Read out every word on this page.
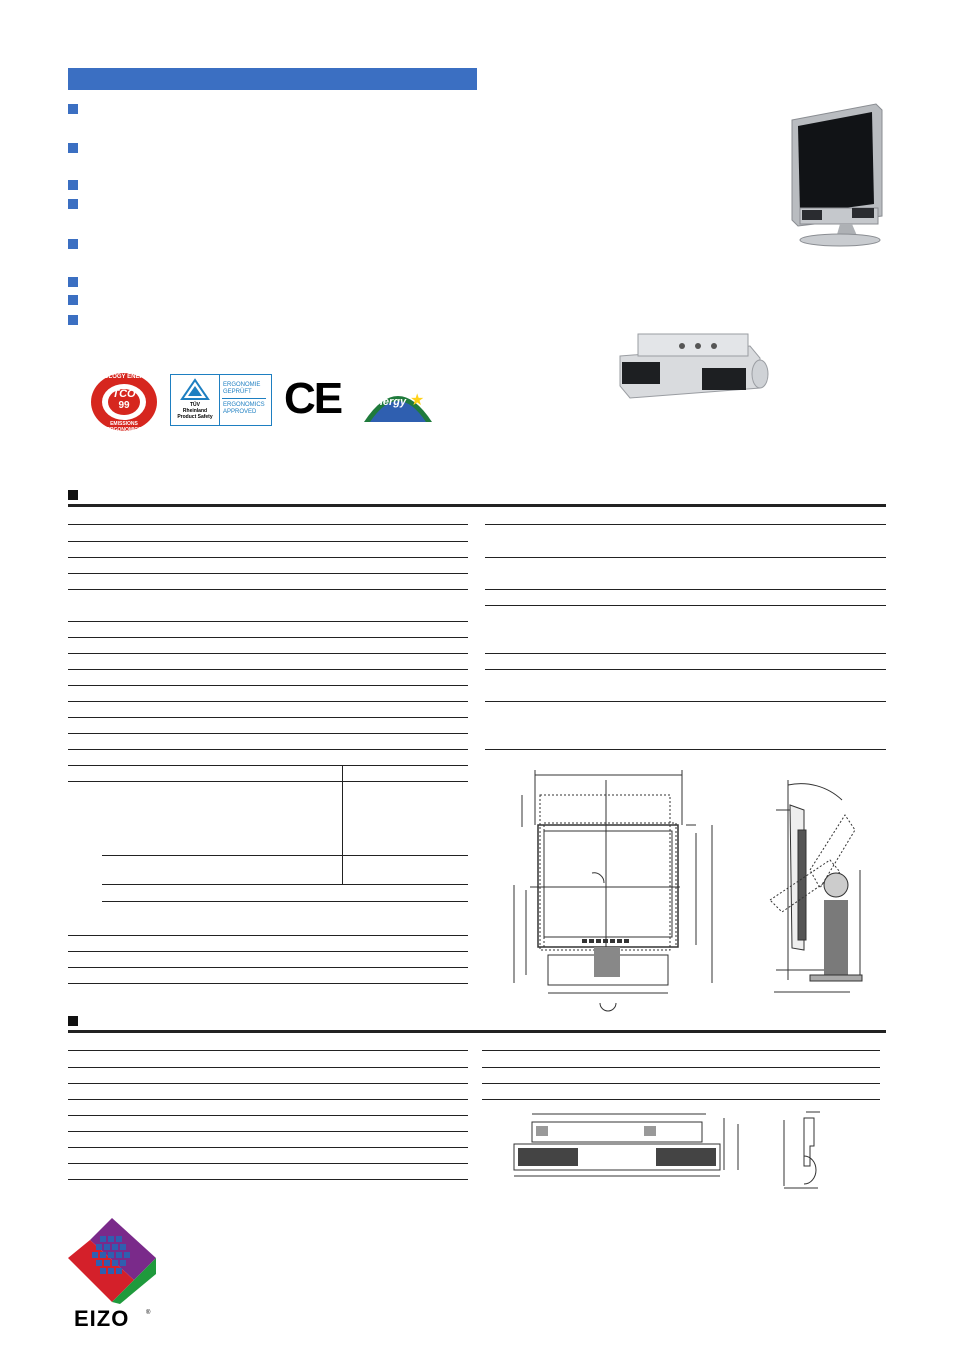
TCO
99
ECOLOGY ENERGY
EMISSIONS ERGONOMICS
TÜV
Rheinland
Product Safety
ERGONOMIE
GEPRÜFT
ERGONOMICS
APPROVED CE	energy ★
EIZO	®
